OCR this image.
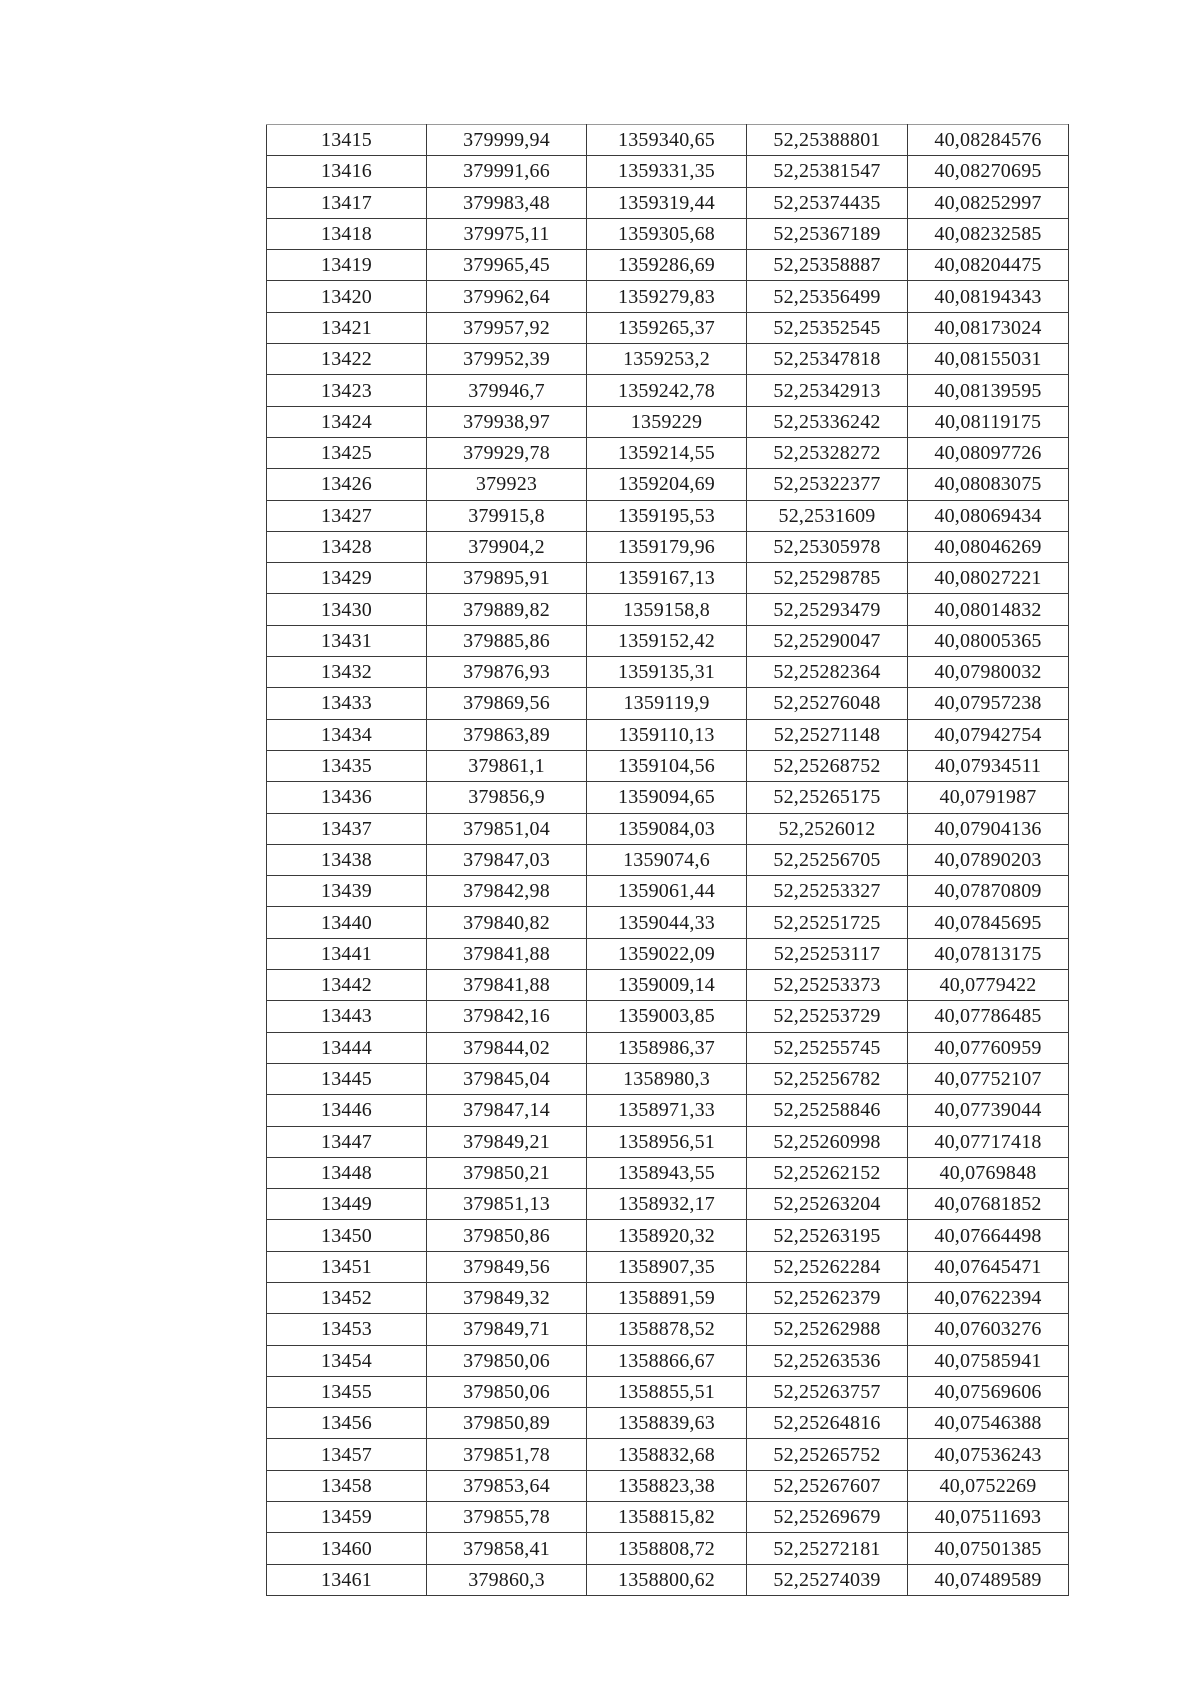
13415	379999,94	1359340,65	52,25388801	40,08284576
13416	379991,66	1359331,35	52,25381547	40,08270695
13417	379983,48	1359319,44	52,25374435	40,08252997
13418	379975,11	1359305,68	52,25367189	40,08232585
13419	379965,45	1359286,69	52,25358887	40,08204475
13420	379962,64	1359279,83	52,25356499	40,08194343
13421	379957,92	1359265,37	52,25352545	40,08173024
13422	379952,39	1359253,2	52,25347818	40,08155031
13423	379946,7	1359242,78	52,25342913	40,08139595
13424	379938,97	1359229	52,25336242	40,08119175
13425	379929,78	1359214,55	52,25328272	40,08097726
13426	379923	1359204,69	52,25322377	40,08083075
13427	379915,8	1359195,53	52,2531609	40,08069434
13428	379904,2	1359179,96	52,25305978	40,08046269
13429	379895,91	1359167,13	52,25298785	40,08027221
13430	379889,82	1359158,8	52,25293479	40,08014832
13431	379885,86	1359152,42	52,25290047	40,08005365
13432	379876,93	1359135,31	52,25282364	40,07980032
13433	379869,56	1359119,9	52,25276048	40,07957238
13434	379863,89	1359110,13	52,25271148	40,07942754
13435	379861,1	1359104,56	52,25268752	40,07934511
13436	379856,9	1359094,65	52,25265175	40,0791987
13437	379851,04	1359084,03	52,2526012	40,07904136
13438	379847,03	1359074,6	52,25256705	40,07890203
13439	379842,98	1359061,44	52,25253327	40,07870809
13440	379840,82	1359044,33	52,25251725	40,07845695
13441	379841,88	1359022,09	52,25253117	40,07813175
13442	379841,88	1359009,14	52,25253373	40,0779422
13443	379842,16	1359003,85	52,25253729	40,07786485
13444	379844,02	1358986,37	52,25255745	40,07760959
13445	379845,04	1358980,3	52,25256782	40,07752107
13446	379847,14	1358971,33	52,25258846	40,07739044
13447	379849,21	1358956,51	52,25260998	40,07717418
13448	379850,21	1358943,55	52,25262152	40,0769848
13449	379851,13	1358932,17	52,25263204	40,07681852
13450	379850,86	1358920,32	52,25263195	40,07664498
13451	379849,56	1358907,35	52,25262284	40,07645471
13452	379849,32	1358891,59	52,25262379	40,07622394
13453	379849,71	1358878,52	52,25262988	40,07603276
13454	379850,06	1358866,67	52,25263536	40,07585941
13455	379850,06	1358855,51	52,25263757	40,07569606
13456	379850,89	1358839,63	52,25264816	40,07546388
13457	379851,78	1358832,68	52,25265752	40,07536243
13458	379853,64	1358823,38	52,25267607	40,0752269
13459	379855,78	1358815,82	52,25269679	40,07511693
13460	379858,41	1358808,72	52,25272181	40,07501385
13461	379860,3	1358800,62	52,25274039	40,07489589
